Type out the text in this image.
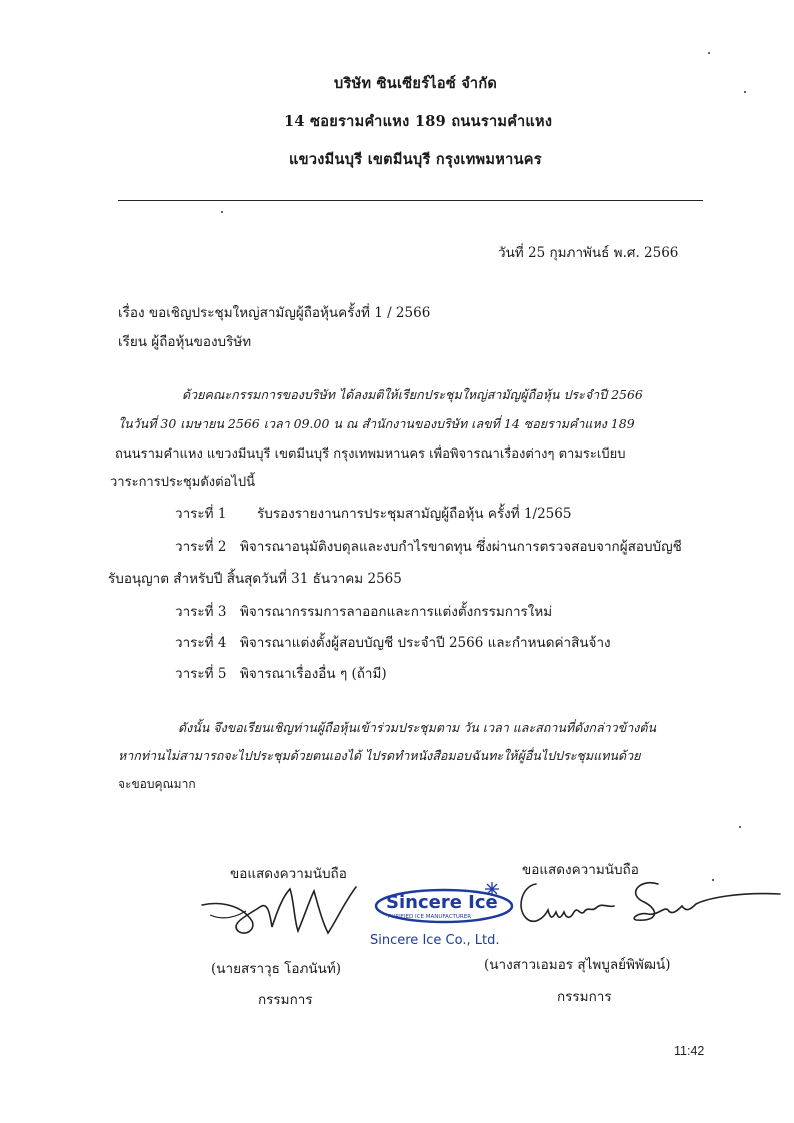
บริษัท ซินเซียร์ไอซ์ จำกัด
14 ซอยรามคำแหง 189 ถนนรามคำแหง
แขวงมีนบุรี เขตมีนบุรี กรุงเทพมหานคร
วันที่ 25 กุมภาพันธ์ พ.ศ. 2566
เรื่อง ขอเชิญประชุมใหญ่สามัญผู้ถือหุ้นครั้งที่ 1 / 2566
เรียน ผู้ถือหุ้นของบริษัท
ด้วยคณะกรรมการของบริษัท ได้ลงมติให้เรียกประชุมใหญ่สามัญผู้ถือหุ้น ประจำปี 2566
ในวันที่ 30 เมษายน 2566 เวลา 09.00 น ณ สำนักงานของบริษัท เลขที่ 14 ซอยรามคำแหง 189
ถนนรามคำแหง แขวงมีนบุรี เขตมีนบุรี กรุงเทพมหานคร เพื่อพิจารณาเรื่องต่างๆ ตามระเบียบ
วาระการประชุมดังต่อไปนี้
วาระที่ 1 รับรองรายงานการประชุมสามัญผู้ถือหุ้น ครั้งที่ 1/2565
วาระที่ 2 พิจารณาอนุมัติงบดุลและงบกำไรขาดทุน ซึ่งผ่านการตรวจสอบจากผู้สอบบัญชี
รับอนุญาต สำหรับปี สิ้นสุดวันที่ 31 ธันวาคม 2565
วาระที่ 3 พิจารณากรรมการลาออกและการแต่งตั้งกรรมการใหม่
วาระที่ 4 พิจารณาแต่งตั้งผู้สอบบัญชี ประจำปี 2566 และกำหนดค่าสินจ้าง
วาระที่ 5 พิจารณาเรื่องอื่น ๆ (ถ้ามี)
ดังนั้น จึงขอเรียนเชิญท่านผู้ถือหุ้นเข้าร่วมประชุมตาม วัน เวลา และสถานที่ดังกล่าวข้างต้น
หากท่านไม่สามารถจะไปประชุมด้วยตนเองได้ ไปรดทำหนังสือมอบฉันทะให้ผู้อื่นไปประชุมแทนด้วย
จะขอบคุณมาก
ขอแสดงความนับถือ	ขอแสดงความนับถือ
Sincere Ice
PURIFIED ICE MANUFACTURER
Sincere Ice Co., Ltd.
(นายสราวุธ โอภนันท์)	(นางสาวเอมอร สุไพบูลย์พิพัฒน์)
กรรมการ	กรรมการ
11:42
